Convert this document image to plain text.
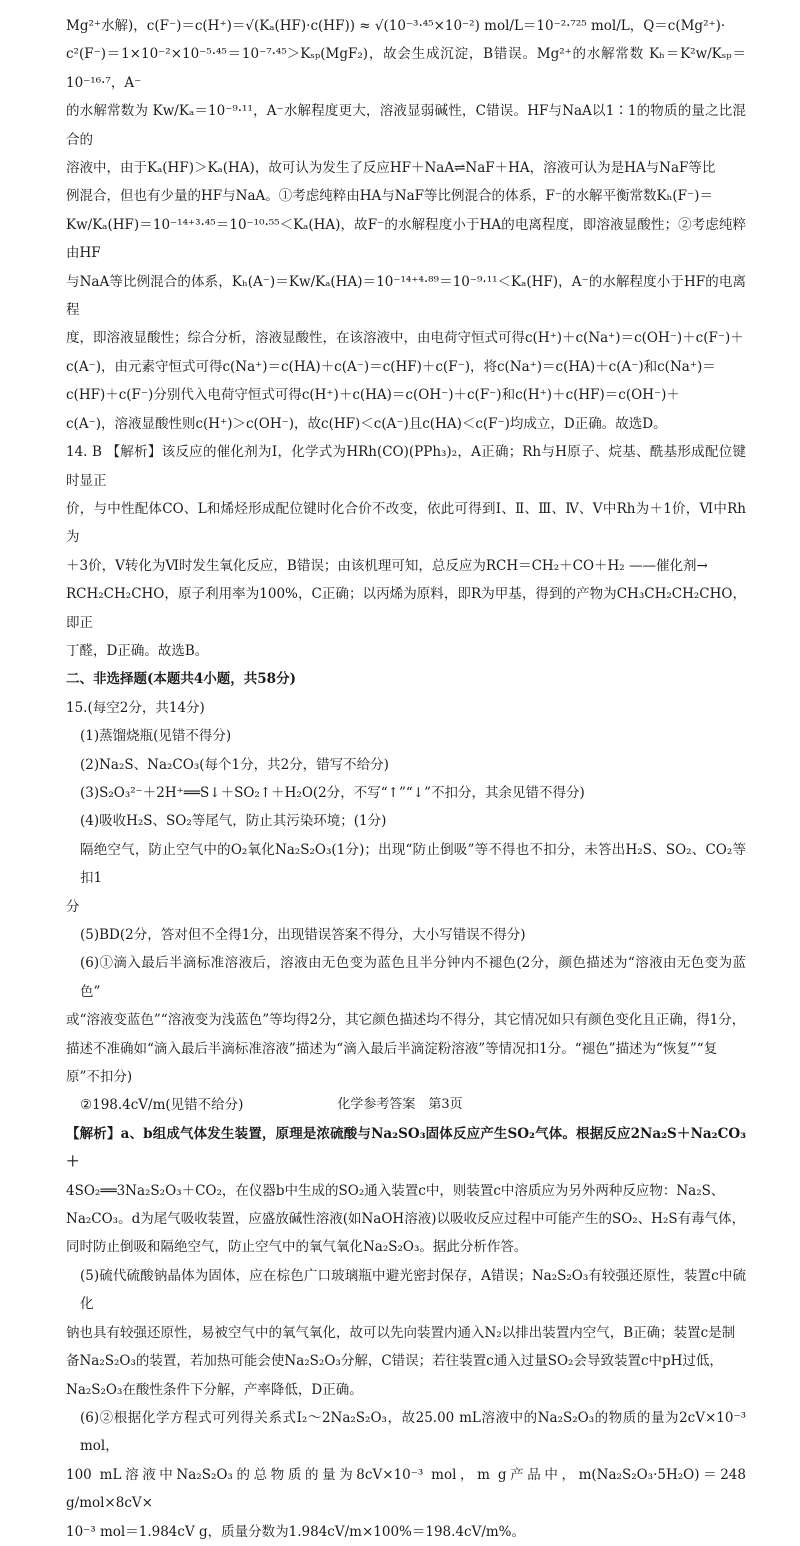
Mg²⁺水解)，c(F⁻)＝c(H⁺)＝√(Kₐ(HF)·c(HF)) ≈ √(10⁻³·⁴⁵×10⁻²) mol/L＝10⁻²·⁷²⁵ mol/L，Q＝c(Mg²⁺)·

c²(F⁻)＝1×10⁻²×10⁻⁵·⁴⁵＝10⁻⁷·⁴⁵＞Kₛₚ(MgF₂)，故会生成沉淀，B错误。Mg²⁺的水解常数 Kₕ＝K²w/Kₛₚ＝10⁻¹⁶·⁷，A⁻

的水解常数为 Kw/Kₐ＝10⁻⁹·¹¹，A⁻水解程度更大，溶液显弱碱性，C错误。HF与NaA以1∶1的物质的量之比混合的

溶液中，由于Kₐ(HF)＞Kₐ(HA)，故可认为发生了反应HF＋NaA⇌NaF＋HA，溶液可认为是HA与NaF等比

例混合，但也有少量的HF与NaA。①考虑纯粹由HA与NaF等比例混合的体系，F⁻的水解平衡常数Kₕ(F⁻)＝

Kw/Kₐ(HF)＝10⁻¹⁴⁺³·⁴⁵＝10⁻¹⁰·⁵⁵＜Kₐ(HA)，故F⁻的水解程度小于HA的电离程度，即溶液显酸性；②考虑纯粹由HF

与NaA等比例混合的体系，Kₕ(A⁻)＝Kw/Kₐ(HA)＝10⁻¹⁴⁺⁴·⁸⁹＝10⁻⁹·¹¹＜Kₐ(HF)，A⁻的水解程度小于HF的电离程

度，即溶液显酸性；综合分析，溶液显酸性，在该溶液中，由电荷守恒式可得c(H⁺)＋c(Na⁺)＝c(OH⁻)＋c(F⁻)＋

c(A⁻)，由元素守恒式可得c(Na⁺)＝c(HA)＋c(A⁻)＝c(HF)＋c(F⁻)，将c(Na⁺)＝c(HA)＋c(A⁻)和c(Na⁺)＝

c(HF)＋c(F⁻)分别代入电荷守恒式可得c(H⁺)＋c(HA)＝c(OH⁻)＋c(F⁻)和c(H⁺)＋c(HF)＝c(OH⁻)＋

c(A⁻)，溶液显酸性则c(H⁺)＞c(OH⁻)，故c(HF)＜c(A⁻)且c(HA)＜c(F⁻)均成立，D正确。故选D。

14. B 【解析】该反应的催化剂为Ⅰ，化学式为HRh(CO)(PPh₃)₂，A正确；Rh与H原子、烷基、酰基形成配位键时显正

价，与中性配体CO、L和烯烃形成配位键时化合价不改变，依此可得到Ⅰ、Ⅱ、Ⅲ、Ⅳ、Ⅴ中Rh为＋1价，Ⅵ中Rh为

＋3价，Ⅴ转化为Ⅵ时发生氧化反应，B错误；由该机理可知，总反应为RCH＝CH₂＋CO＋H₂ ——催化剂→

RCH₂CH₂CHO，原子利用率为100%，C正确；以丙烯为原料，即R为甲基，得到的产物为CH₃CH₂CH₂CHO，即正

丁醛，D正确。故选B。

二、非选择题(本题共4小题，共58分)

15.(每空2分，共14分)

(1)蒸馏烧瓶(见错不得分)

(2)Na₂S、Na₂CO₃(每个1分，共2分，错写不给分)

(3)S₂O₃²⁻＋2H⁺══S↓＋SO₂↑＋H₂O(2分，不写“↑”“↓”不扣分，其余见错不得分)

(4)吸收H₂S、SO₂等尾气，防止其污染环境；(1分)

隔绝空气，防止空气中的O₂氧化Na₂S₂O₃(1分)；出现“防止倒吸”等不得也不扣分，未答出H₂S、SO₂、CO₂等扣1

分

(5)BD(2分，答对但不全得1分，出现错误答案不得分，大小写错误不得分)

(6)①滴入最后半滴标准溶液后，溶液由无色变为蓝色且半分钟内不褪色(2分，颜色描述为“溶液由无色变为蓝色”

或“溶液变蓝色”“溶液变为浅蓝色”等均得2分，其它颜色描述均不得分，其它情况如只有颜色变化且正确，得1分，

描述不准确如“滴入最后半滴标准溶液”描述为“滴入最后半滴淀粉溶液”等情况扣1分。“褪色”描述为“恢复”“复

原”不扣分)

②198.4cV/m(见错不给分)

【解析】a、b组成气体发生装置，原理是浓硫酸与Na₂SO₃固体反应产生SO₂气体。根据反应2Na₂S＋Na₂CO₃＋

4SO₂══3Na₂S₂O₃＋CO₂，在仪器b中生成的SO₂通入装置c中，则装置c中溶质应为另外两种反应物：Na₂S、

Na₂CO₃。d为尾气吸收装置，应盛放碱性溶液(如NaOH溶液)以吸收反应过程中可能产生的SO₂、H₂S有毒气体，

同时防止倒吸和隔绝空气，防止空气中的氧气氧化Na₂S₂O₃。据此分析作答。

(5)硫代硫酸钠晶体为固体，应在棕色广口玻璃瓶中避光密封保存，A错误；Na₂S₂O₃有较强还原性，装置c中硫化

钠也具有较强还原性，易被空气中的氧气氧化，故可以先向装置内通入N₂以排出装置内空气，B正确；装置c是制

备Na₂S₂O₃的装置，若加热可能会使Na₂S₂O₃分解，C错误；若往装置c通入过量SO₂会导致装置c中pH过低，

Na₂S₂O₃在酸性条件下分解，产率降低，D正确。

(6)②根据化学方程式可列得关系式I₂～2Na₂S₂O₃，故25.00 mL溶液中的Na₂S₂O₃的物质的量为2cV×10⁻³ mol，

100 mL溶液中Na₂S₂O₃的总物质的量为8cV×10⁻³ mol，m g产品中，m(Na₂S₂O₃·5H₂O)＝248 g/mol×8cV×

10⁻³ mol＝1.984cV g，质量分数为1.984cV/m×100%＝198.4cV/m%。

化学参考答案　第3页
